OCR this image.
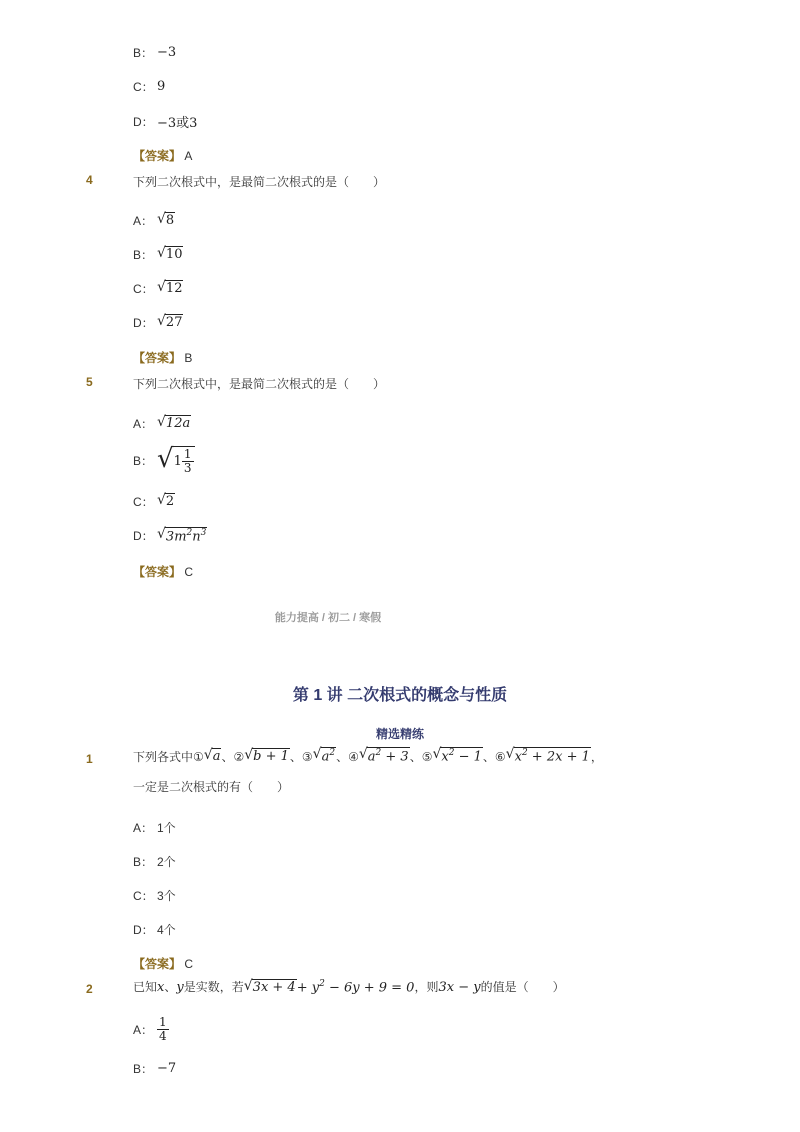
B： −3
C： 9
D： −3或3
【答案】 A
4	下列二次根式中，是最简二次根式的是（　　）
A： √ 8
B： √ 10
C： √ 12
D： √ 27
【答案】 B
5	下列二次根式中，是最简二次根式的是（　　）
A： √ 12a
B： √ $1 \frac{1}{3}$
C： √ 2
D： √ $3m^2n^3$
【答案】 C
能力提高 / 初二 / 寒假
第 1 讲 二次根式的概念与性质
精选精练
1	下列各式中① √ a 、② √ b + 1 、③ √ $a^2$ 、④ √ $a^2 + 3$ 、⑤ √ $x^2 - 1$ 、⑥ √ $x^2 + 2x + 1$ ，
一定是二次根式的有（　　）
A： 1个
B： 2个
C： 3个
D： 4个
【答案】 C
2	已知 x 、 y 是实数，若 √ $3x + 4 + y^2 - 6y + 9 = 0$ ，则 3x − y 的值是（　　）
A： $\frac{1}{4}$
B： −7
